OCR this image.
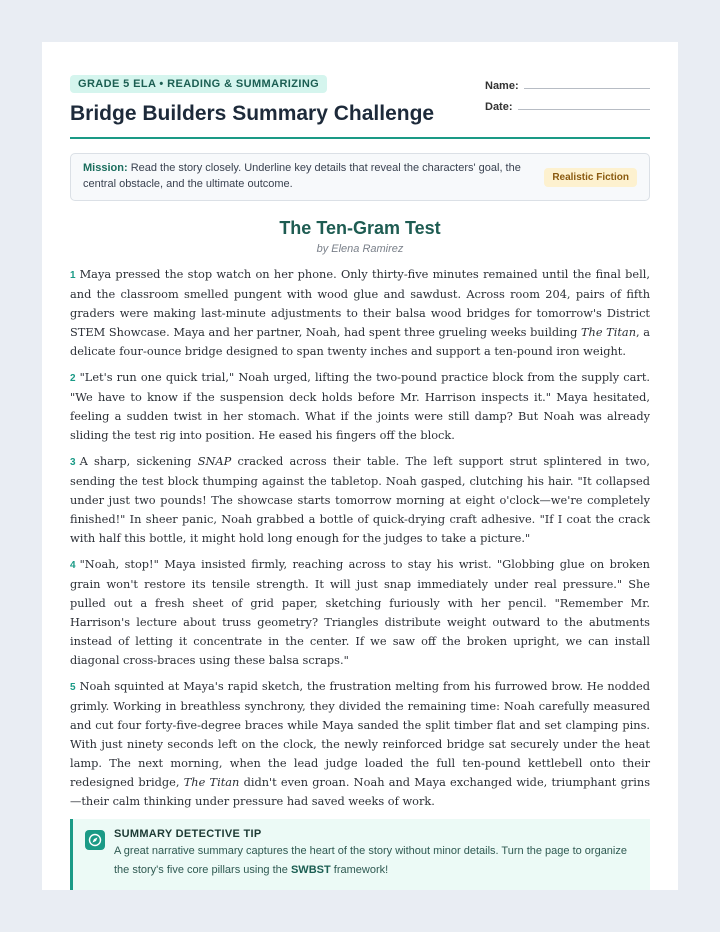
GRADE 5 ELA • READING & SUMMARIZING
Bridge Builders Summary Challenge
Name:
Date:
Mission: Read the story closely. Underline key details that reveal the characters' goal, the central obstacle, and the ultimate outcome.
Realistic Fiction
The Ten-Gram Test
by Elena Ramirez

1 Maya pressed the stop watch on her phone. Only thirty-five minutes remained until the final bell, and the classroom smelled pungent with wood glue and sawdust. Across room 204, pairs of fifth graders were making last-minute adjustments to their balsa wood bridges for tomorrow's District STEM Showcase. Maya and her partner, Noah, had spent three grueling weeks building The Titan, a delicate four-ounce bridge designed to span twenty inches and support a ten-pound iron weight.

2 "Let's run one quick trial," Noah urged, lifting the two-pound practice block from the supply cart. "We have to know if the suspension deck holds before Mr. Harrison inspects it." Maya hesitated, feeling a sudden twist in her stomach. What if the joints were still damp? But Noah was already sliding the test rig into position. He eased his fingers off the block.

3 A sharp, sickening SNAP cracked across their table. The left support strut splintered in two, sending the test block thumping against the tabletop. Noah gasped, clutching his hair. "It collapsed under just two pounds! The showcase starts tomorrow morning at eight o'clock—we're completely finished!" In sheer panic, Noah grabbed a bottle of quick-drying craft adhesive. "If I coat the crack with half this bottle, it might hold long enough for the judges to take a picture."

4 "Noah, stop!" Maya insisted firmly, reaching across to stay his wrist. "Globbing glue on broken grain won't restore its tensile strength. It will just snap immediately under real pressure." She pulled out a fresh sheet of grid paper, sketching furiously with her pencil. "Remember Mr. Harrison's lecture about truss geometry? Triangles distribute weight outward to the abutments instead of letting it concentrate in the center. If we saw off the broken upright, we can install diagonal cross-braces using these balsa scraps."

5 Noah squinted at Maya's rapid sketch, the frustration melting from his furrowed brow. He nodded grimly. Working in breathless synchrony, they divided the remaining time: Noah carefully measured and cut four forty-five-degree braces while Maya sanded the split timber flat and set clamping pins. With just ninety seconds left on the clock, the newly reinforced bridge sat securely under the heat lamp. The next morning, when the lead judge loaded the full ten-pound kettlebell onto their redesigned bridge, The Titan didn't even groan. Noah and Maya exchanged wide, triumphant grins—their calm thinking under pressure had saved weeks of work.

SUMMARY DETECTIVE TIP
A great narrative summary captures the heart of the story without minor details. Turn the page to organize the story's five core pillars using the SWBST framework!
